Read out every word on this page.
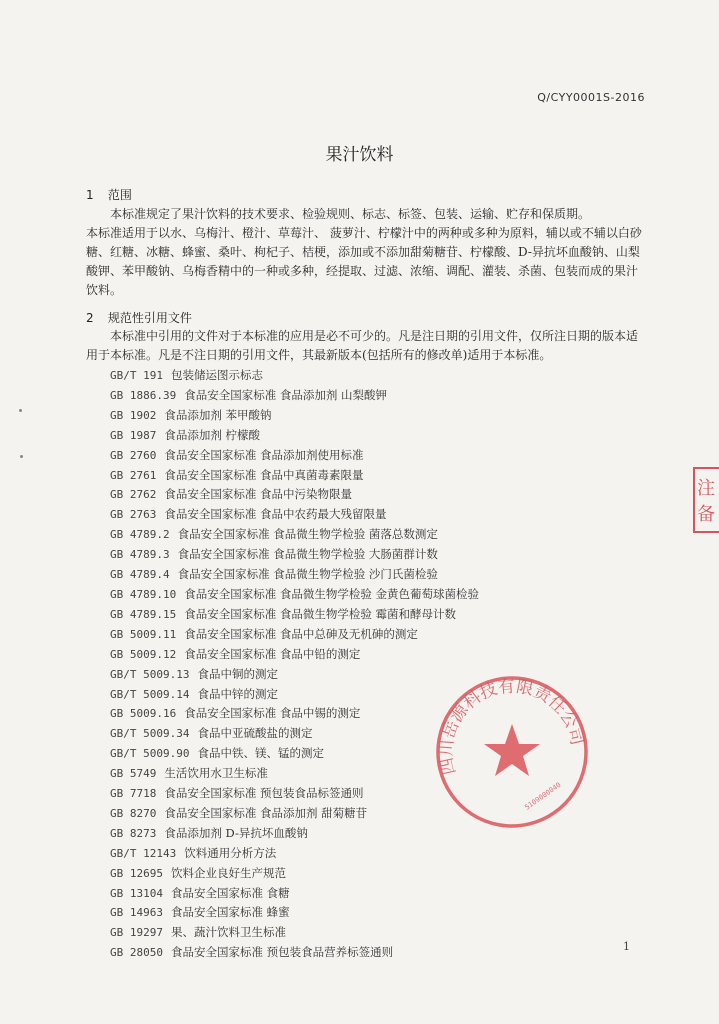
Q/CYY0001S-2016
果汁饮料
1 范围
本标准规定了果汁饮料的技术要求、检验规则、标志、标签、包装、运输、贮存和保质期。
本标准适用于以水、乌梅汁、橙汁、草莓汁、 菠萝汁、柠檬汁中的两种或多种为原料，辅以或不辅以白砂糖、红糖、冰糖、蜂蜜、桑叶、枸杞子、桔梗，添加或不添加甜菊糖苷、柠檬酸、D-异抗坏血酸钠、山梨酸钾、苯甲酸钠、乌梅香精中的一种或多种，经提取、过滤、浓缩、调配、灌装、杀菌、包装而成的果汁饮料。
2 规范性引用文件
本标准中引用的文件对于本标准的应用是必不可少的。凡是注日期的引用文件，仅所注日期的版本适用于本标准。凡是不注日期的引用文件，其最新版本(包括所有的修改单)适用于本标准。
GB/T 191 包装储运图示标志
GB 1886.39 食品安全国家标准 食品添加剂 山梨酸钾
GB 1902 食品添加剂 苯甲酸钠
GB 1987 食品添加剂 柠檬酸
GB 2760 食品安全国家标准 食品添加剂使用标准
GB 2761 食品安全国家标准 食品中真菌毒素限量
GB 2762 食品安全国家标准 食品中污染物限量
GB 2763 食品安全国家标准 食品中农药最大残留限量
GB 4789.2 食品安全国家标准 食品微生物学检验 菌落总数测定
GB 4789.3 食品安全国家标准 食品微生物学检验 大肠菌群计数
GB 4789.4 食品安全国家标准 食品微生物学检验 沙门氏菌检验
GB 4789.10 食品安全国家标准 食品微生物学检验 金黄色葡萄球菌检验
GB 4789.15 食品安全国家标准 食品微生物学检验 霉菌和酵母计数
GB 5009.11 食品安全国家标准 食品中总砷及无机砷的测定
GB 5009.12 食品安全国家标准 食品中铅的测定
GB/T 5009.13 食品中铜的测定
GB/T 5009.14 食品中锌的测定
GB 5009.16 食品安全国家标准 食品中锡的测定
GB/T 5009.34 食品中亚硫酸盐的测定
GB/T 5009.90 食品中铁、镁、锰的测定
GB 5749 生活饮用水卫生标准
GB 7718 食品安全国家标准 预包装食品标签通则
GB 8270 食品安全国家标准 食品添加剂 甜菊糖苷
GB 8273 食品添加剂 D-异抗坏血酸钠
GB/T 12143 饮料通用分析方法
GB 12695 饮料企业良好生产规范
GB 13104 食品安全国家标准 食糖
GB 14963 食品安全国家标准 蜂蜜
GB 19297 果、蔬汁饮料卫生标准
GB 28050 食品安全国家标准 预包装食品营养标签通则
四川岳源科技有限责任公司
5109000040
注
备
1
